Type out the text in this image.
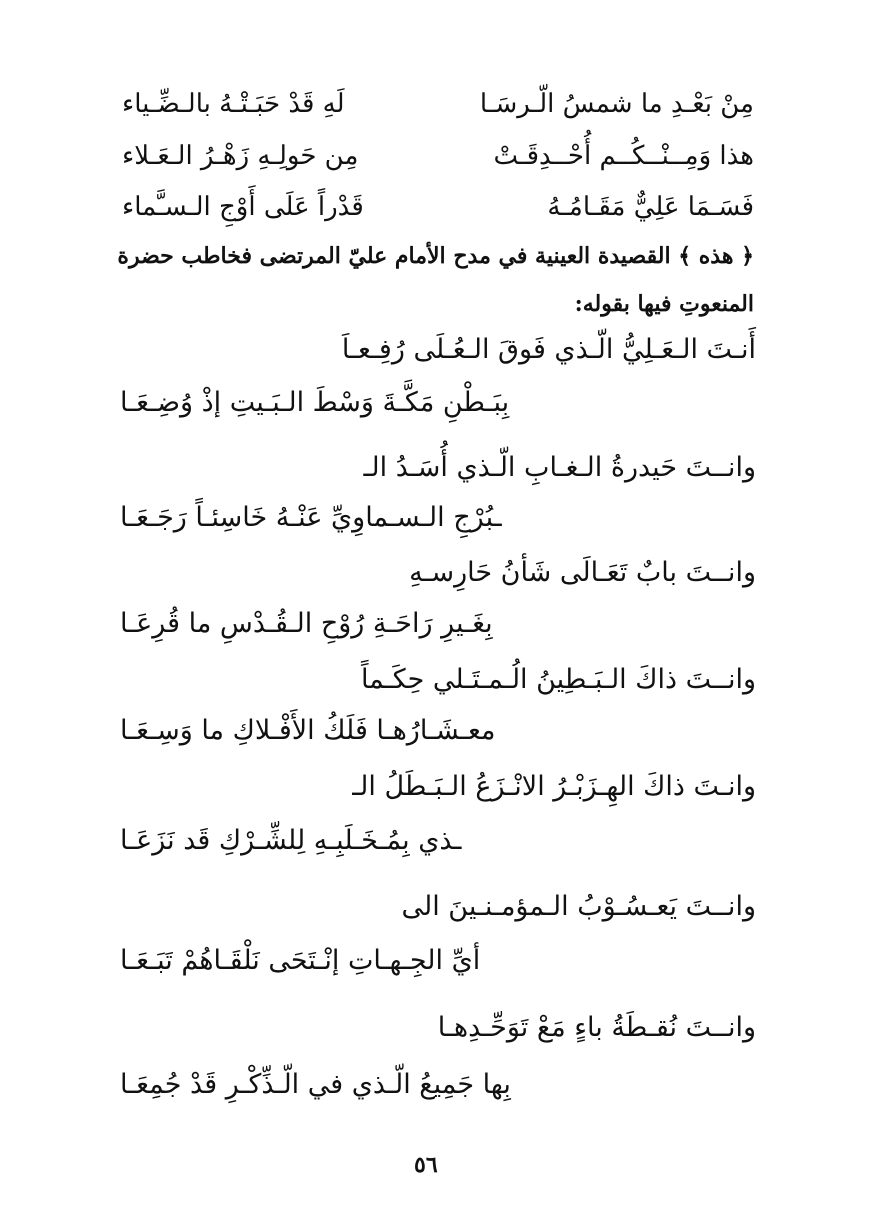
مِنْ بَعْـدِ ما شمسُ الّـرسَـا
لَهِ قَدْ حَبَـتْـهُ بالـضِّـياء
هذا وَمِــنْــكُــم أُحْــدِقَـتْ
مِن حَولِـهِ زَهْـرُ الـعَـلاء
فَسَـمَا عَلِيٌّ مَقَـامُـهُ
قَدْراً عَلَى أَوْجِ الـسـَّماء
﴿ هذه ﴾ القصيدة العينية في مدح الأمام عليّ المرتضى فخاطب حضرة
المنعوتِ فيها بقوله:
أَنـتَ الـعَـلِيُّ الّـذي فَوقَ الـعُـلَى رُفِـعـاَ
بِبَـطْنِ مَكَّـةَ وَسْطَ الـبَـيتِ إذْ وُضِـعَـا
وانــتَ حَيدرةُ الـغـابِ الّـذي أُسَـدُ الـ
ـبُرْجِ الـسـماوِيِّ عَنْـهُ خَاسِئـاً رَجَـعَـا
وانــتَ بابٌ تَعَـالَى شَأنُ حَارِسـهِ
بِغَـيرِ رَاحَـةِ رُوْحِ الـقُـدْسِ ما قُرِعَـا
وانــتَ ذاكَ الـبَـطِينُ الُـمـتَـلي حِكَـماً
معـشَـارُهـا فَلَكُ الأَفْـلاكِ ما وَسِـعَـا
وانـتَ ذاكَ الهِـزَبْـرُ الانْـزَعُ الـبَـطَلُ الـ
ـذي بِمُـخَـلَبِـهِ لِلشِّـرْكِ قَد نَزَعَـا
وانــتَ يَعـسُـوْبُ الـمؤمـنـينَ الى
أيِّ الجِـهـاتِ إنْـتَحَى نَلْقَـاهُمْ تَبَـعَـا
وانــتَ نُقـطَةُ باءٍ مَعْ تَوَحِّـدِهـا
بِها جَمِيعُ الّـذي في الّـذِّكْـرِ قَدْ جُمِعَـا
٥٦
